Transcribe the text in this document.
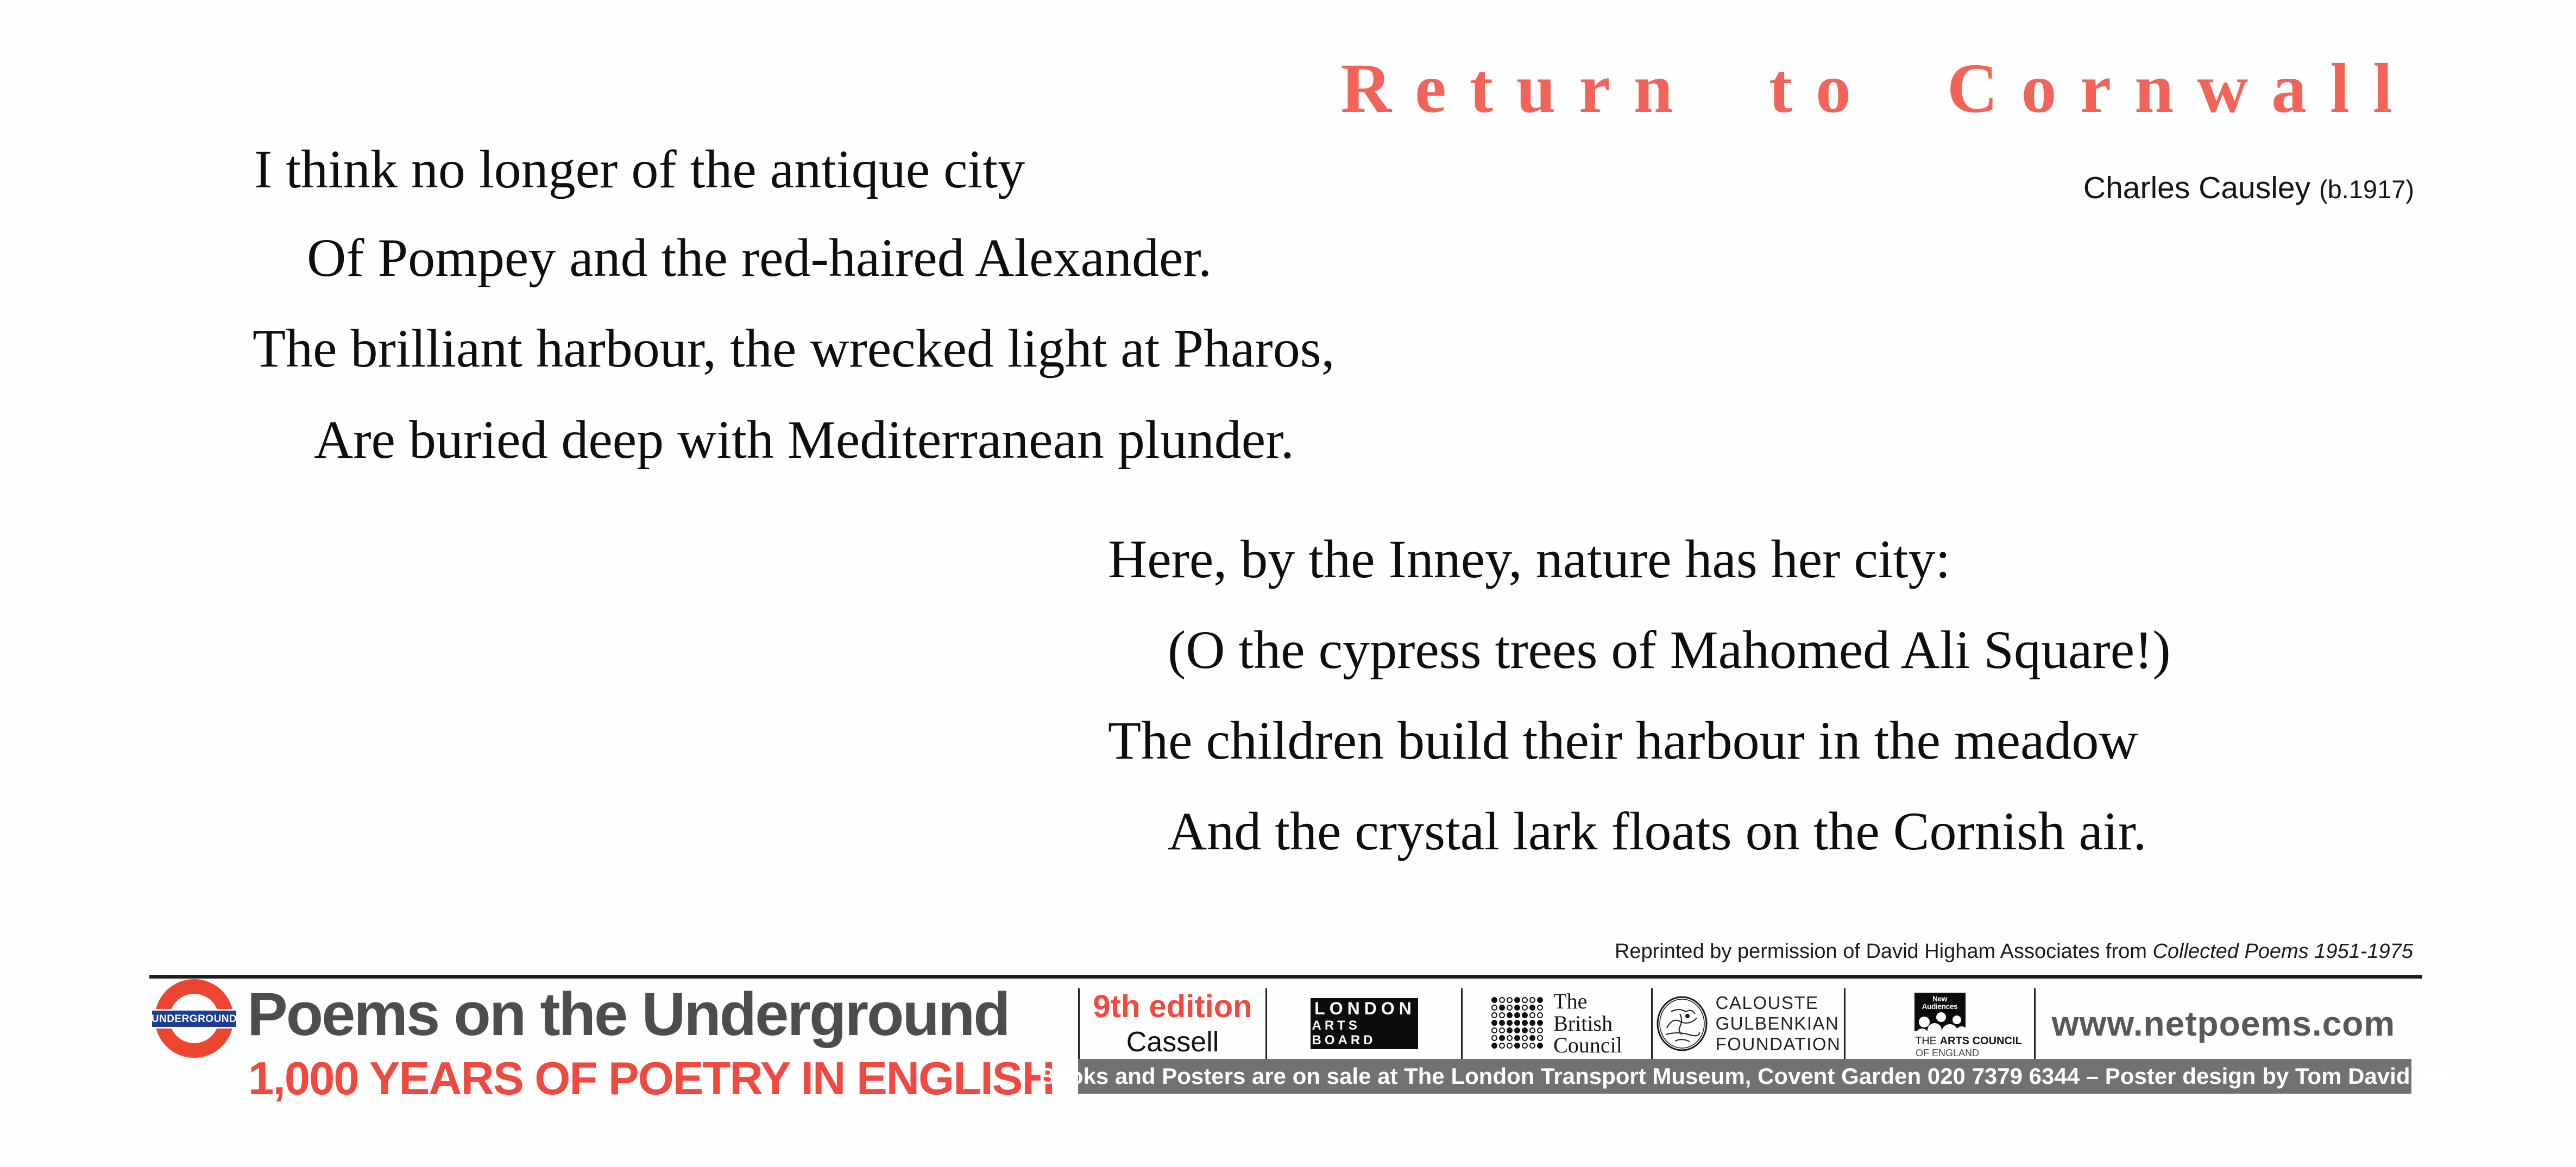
Return to Cornwall
Charles Causley (b.1917)
I think no longer of the antique city
Of Pompey and the red-haired Alexander.
The brilliant harbour, the wrecked light at Pharos,
Are buried deep with Mediterranean plunder.
Here, by the Inney, nature has her city:
(O the cypress trees of Mahomed Ali Square!)
The children build their harbour in the meadow
And the crystal lark floats on the Cornish air.
Reprinted by permission of David Higham Associates from Collected Poems 1951-1975
UNDERGROUND Poems on the Underground
1,000 YEARS OF POETRY IN ENGLISH
9th edition
Cassell
LONDON
ARTS BOARD
The
British
Council
CALOUSTE
GULBENKIAN
FOUNDATION
New Audiences
THE ARTS COUNCIL
OF ENGLAND
www.netpoems.com
Books and Posters are on sale at The London Transport Museum, Covent Garden 020 7379 6344 – Poster design by Tom Davidson
